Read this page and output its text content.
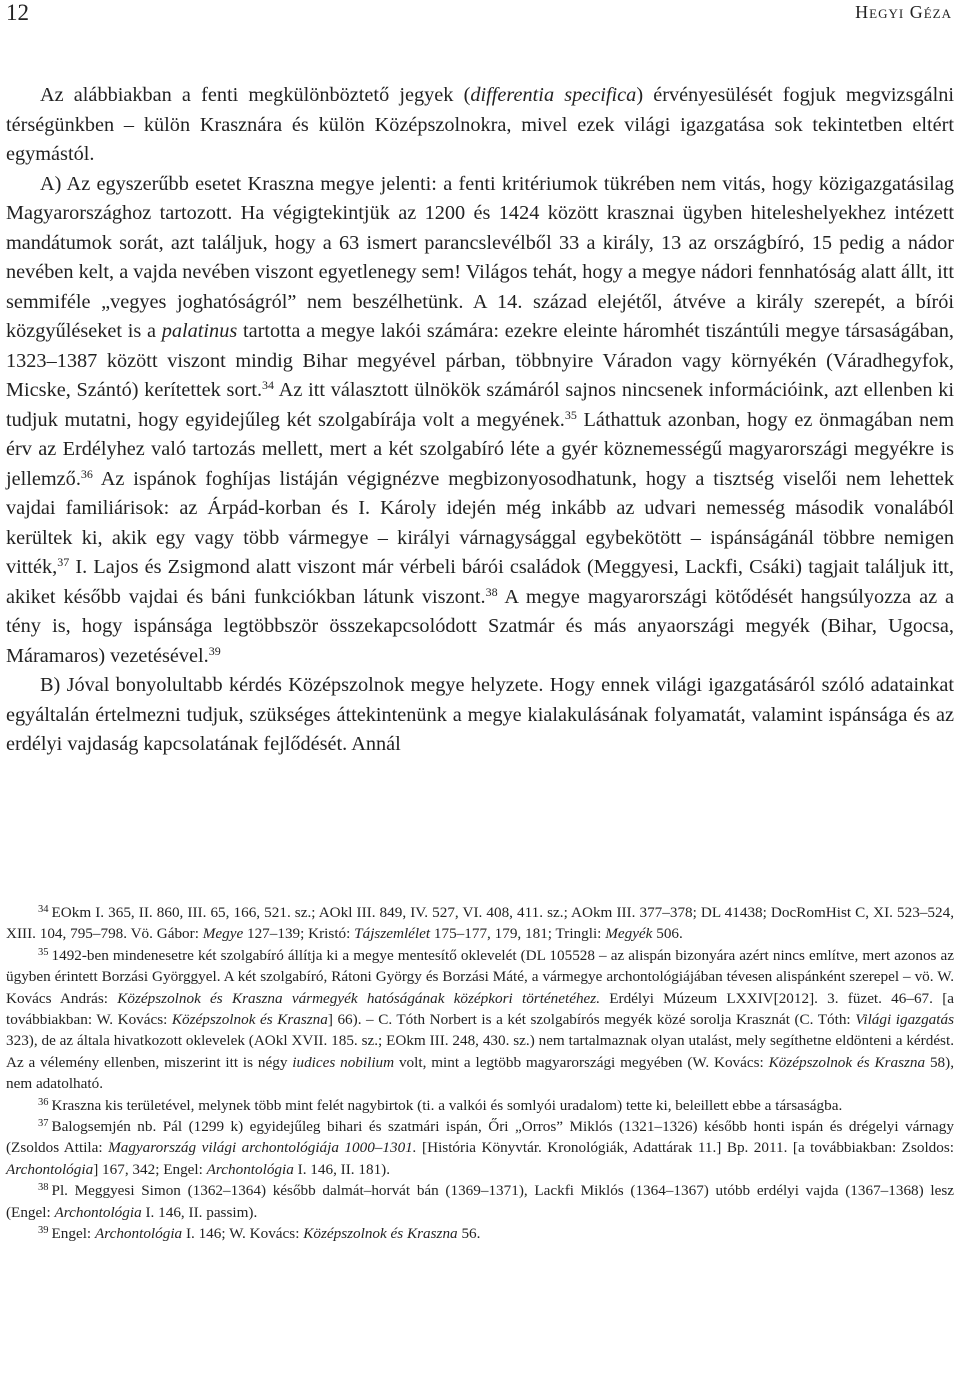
12	Hegyi Géza

Az alábbiakban a fenti megkülönböztető jegyek (differentia specifica) érvényesülését fogjuk megvizsgálni térségünkben – külön Krasznára és külön Középszolnokra, mivel ezek világi igazgatása sok tekintetben eltért egymástól.

A) Az egyszerűbb esetet Kraszna megye jelenti: a fenti kritériumok tükrében nem vitás, hogy közigazgatásilag Magyarországhoz tartozott. Ha végigtekintjük az 1200 és 1424 között krasznai ügyben hiteleshelyekhez intézett mandátumok sorát, azt találjuk, hogy a 63 ismert parancslevélből 33 a király, 13 az országbíró, 15 pedig a nádor nevében kelt, a vajda nevében viszont egyetlenegy sem! Világos tehát, hogy a megye nádori fennhatóság alatt állt, itt semmiféle „vegyes joghatóságról” nem beszélhetünk. A 14. század elejétől, átvéve a király szerepét, a bírói közgyűléseket is a palatinus tartotta a megye lakói számára: ezekre eleinte háromhét tiszántúli megye társaságában, 1323–1387 között viszont mindig Bihar megyével párban, többnyire Váradon vagy környékén (Váradhegyfok, Micske, Szántó) kerítettek sort.$^{34}$ Az itt választott ülnökök számáról sajnos nincsenek információink, azt ellenben ki tudjuk mutatni, hogy egyidejűleg két szolgabírája volt a megyének.$^{35}$ Láthattuk azonban, hogy ez önmagában nem érv az Erdélyhez való tartozás mellett, mert a két szolgabíró léte a gyér köznemességű magyarországi megyékre is jellemző.$^{36}$ Az ispánok foghíjas listáján végignézve megbizonyosodhatunk, hogy a tisztség viselői nem lehettek vajdai familiárisok: az Árpád-korban és I. Károly idején még inkább az udvari nemesség második vonalából kerültek ki, akik egy vagy több vármegye – királyi várnagysággal egybekötött – ispánságánál többre nemigen vitték,$^{37}$ I. Lajos és Zsigmond alatt viszont már vérbeli bárói családok (Meggyesi, Lackfi, Csáki) tagjait találjuk itt, akiket később vajdai és báni funkciókban látunk viszont.$^{38}$ A megye magyarországi kötődését hangsúlyozza az a tény is, hogy ispánsága legtöbbször összekapcsolódott Szatmár és más anyaországi megyék (Bihar, Ugocsa, Máramaros) vezetésével.$^{39}$

B) Jóval bonyolultabb kérdés Középszolnok megye helyzete. Hogy ennek világi igazgatásáról szóló adatainkat egyáltalán értelmezni tudjuk, szükséges áttekintenünk a megye kialakulásának folyamatát, valamint ispánsága és az erdélyi vajdaság kapcsolatának fejlődését. Annál

$^{34}$ EOkm I. 365, II. 860, III. 65, 166, 521. sz.; AOkl III. 849, IV. 527, VI. 408, 411. sz.; AOkm III. 377–378; DL 41438; DocRomHist C, XI. 523–524, XIII. 104, 795–798. Vö. Gábor: Megye 127–139; Kristó: Tájszemlélet 175–177, 179, 181; Tringli: Megyék 506.

$^{35}$ 1492-ben mindenesetre két szolgabíró állítja ki a megye mentesítő oklevelét (DL 105528 – az alispán bizonyára azért nincs említve, mert azonos az ügyben érintett Borzási Györggyel. A két szolgabíró, Rátoni György és Borzási Máté, a vármegye archontológiájában tévesen alispánként szerepel – vö. W. Kovács András: Középszolnok és Kraszna vármegyék hatóságának középkori történetéhez. Erdélyi Múzeum LXXIV[2012]. 3. füzet. 46–67. [a továbbiakban: W. Kovács: Középszolnok és Kraszna] 66). – C. Tóth Norbert is a két szolgabírós megyék közé sorolja Krasznát (C. Tóth: Világi igazgatás 323), de az általa hivatkozott oklevelek (AOkl XVII. 185. sz.; EOkm III. 248, 430. sz.) nem tartalmaznak olyan utalást, mely segíthetne eldönteni a kérdést. Az a vélemény ellenben, miszerint itt is négy iudices nobilium volt, mint a legtöbb magyarországi megyében (W. Kovács: Középszolnok és Kraszna 58), nem adatolható.

$^{36}$ Kraszna kis területével, melynek több mint felét nagybirtok (ti. a valkói és somlyói uradalom) tette ki, beleillett ebbe a társaságba.

$^{37}$ Balogsemjén nb. Pál (1299 k) egyidejűleg bihari és szatmári ispán, Őri „Orros” Miklós (1321–1326) később honti ispán és drégelyi várnagy (Zsoldos Attila: Magyarország világi archontológiája 1000–1301. [História Könyvtár. Kronológiák, Adattárak 11.] Bp. 2011. [a továbbiakban: Zsoldos: Archontológia] 167, 342; Engel: Archontológia I. 146, II. 181).

$^{38}$ Pl. Meggyesi Simon (1362–1364) később dalmát–horvát bán (1369–1371), Lackfi Miklós (1364–1367) utóbb erdélyi vajda (1367–1368) lesz (Engel: Archontológia I. 146, II. passim).

$^{39}$ Engel: Archontológia I. 146; W. Kovács: Középszolnok és Kraszna 56.
